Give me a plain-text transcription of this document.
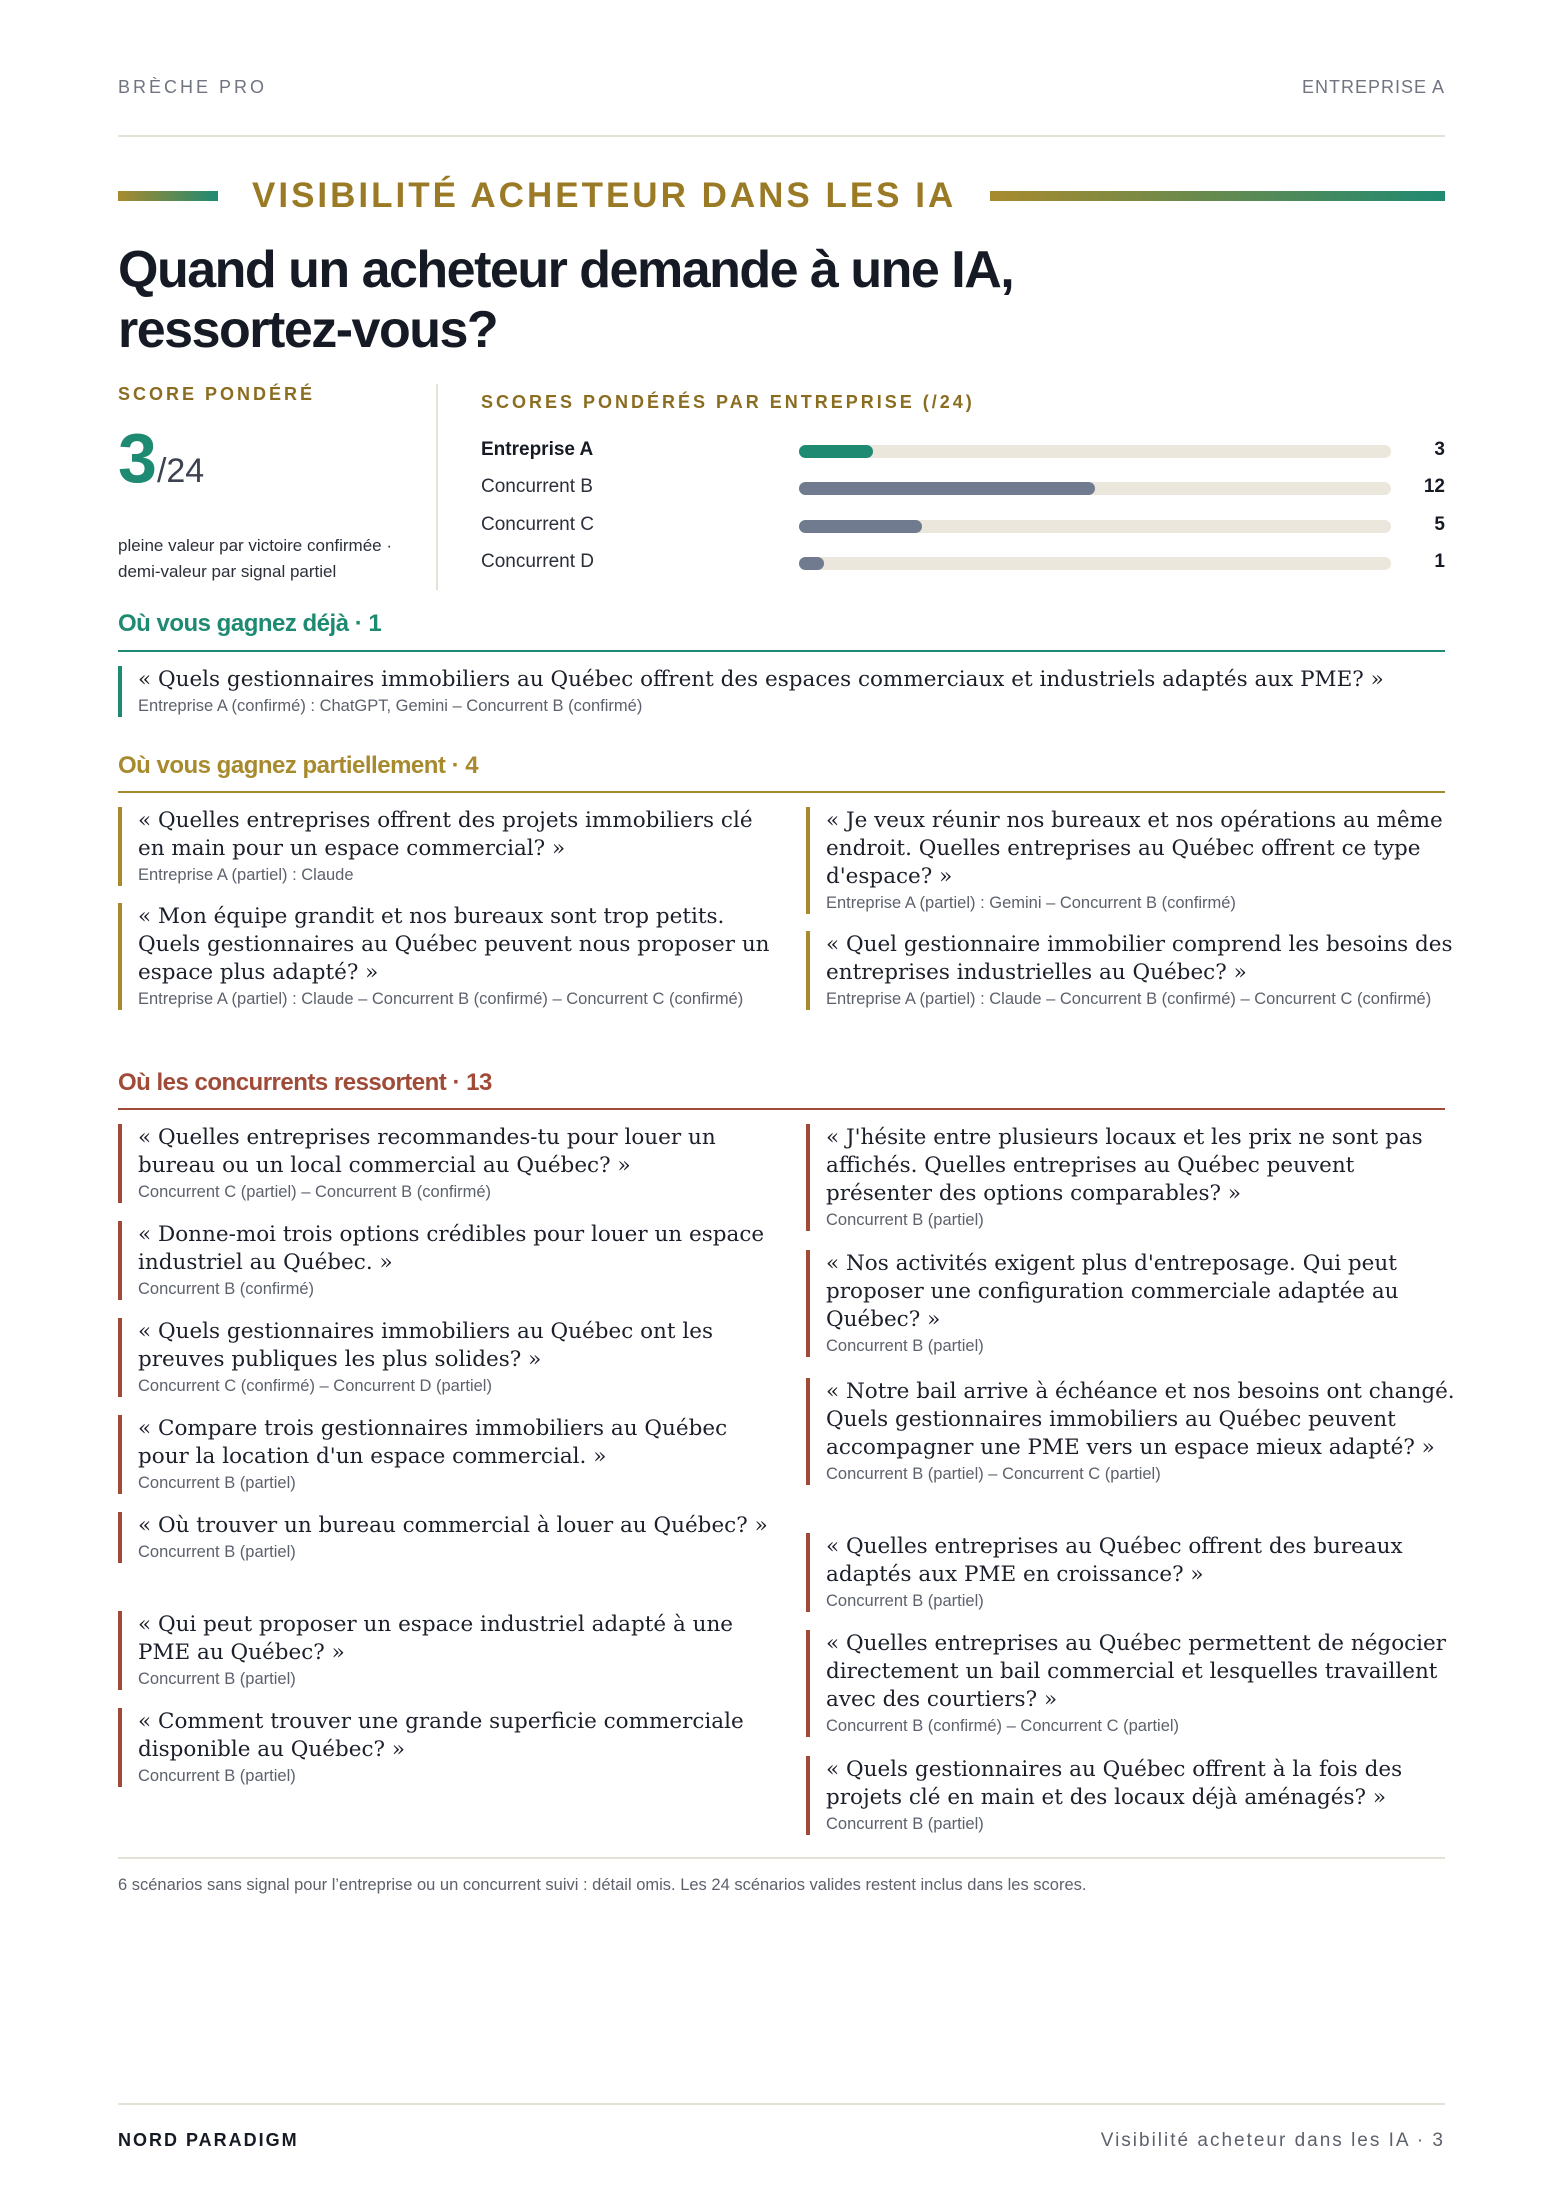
BRÈCHE PRO	ENTREPRISE A
VISIBILITÉ ACHETEUR DANS LES IA
Quand un acheteur demande à une IA,
ressortez-vous?
SCORE PONDÉRÉ
3/24
pleine valeur par victoire confirmée · demi-valeur par signal partiel
SCORES PONDÉRÉS PAR ENTREPRISE (/24)
Entreprise A	3
Concurrent B	12
Concurrent C	5
Concurrent D	1
Où vous gagnez déjà · 1
« Quels gestionnaires immobiliers au Québec offrent des espaces commerciaux et industriels adaptés aux PME? »
Entreprise A (confirmé) : ChatGPT, Gemini – Concurrent B (confirmé)
Où vous gagnez partiellement · 4
« Quelles entreprises offrent des projets immobiliers clé en main pour un espace commercial? »
Entreprise A (partiel) : Claude
« Mon équipe grandit et nos bureaux sont trop petits. Quels gestionnaires au Québec peuvent nous proposer un espace plus adapté? »
Entreprise A (partiel) : Claude – Concurrent B (confirmé) – Concurrent C (confirmé)
« Je veux réunir nos bureaux et nos opérations au même endroit. Quelles entreprises au Québec offrent ce type d'espace? »
Entreprise A (partiel) : Gemini – Concurrent B (confirmé)
« Quel gestionnaire immobilier comprend les besoins des entreprises industrielles au Québec? »
Entreprise A (partiel) : Claude – Concurrent B (confirmé) – Concurrent C (confirmé)
Où les concurrents ressortent · 13
« Quelles entreprises recommandes-tu pour louer un bureau ou un local commercial au Québec? »
Concurrent C (partiel) – Concurrent B (confirmé)
« Donne-moi trois options crédibles pour louer un espace industriel au Québec. »
Concurrent B (confirmé)
« Quels gestionnaires immobiliers au Québec ont les preuves publiques les plus solides? »
Concurrent C (confirmé) – Concurrent D (partiel)
« Compare trois gestionnaires immobiliers au Québec pour la location d'un espace commercial. »
Concurrent B (partiel)
« Où trouver un bureau commercial à louer au Québec? »
Concurrent B (partiel)
« Qui peut proposer un espace industriel adapté à une PME au Québec? »
Concurrent B (partiel)
« Comment trouver une grande superficie commerciale disponible au Québec? »
Concurrent B (partiel)
« J'hésite entre plusieurs locaux et les prix ne sont pas affichés. Quelles entreprises au Québec peuvent présenter des options comparables? »
Concurrent B (partiel)
« Nos activités exigent plus d'entreposage. Qui peut proposer une configuration commerciale adaptée au Québec? »
Concurrent B (partiel)
« Notre bail arrive à échéance et nos besoins ont changé. Quels gestionnaires immobiliers au Québec peuvent accompagner une PME vers un espace mieux adapté? »
Concurrent B (partiel) – Concurrent C (partiel)
« Quelles entreprises au Québec offrent des bureaux adaptés aux PME en croissance? »
Concurrent B (partiel)
« Quelles entreprises au Québec permettent de négocier directement un bail commercial et lesquelles travaillent avec des courtiers? »
Concurrent B (confirmé) – Concurrent C (partiel)
« Quels gestionnaires au Québec offrent à la fois des projets clé en main et des locaux déjà aménagés? »
Concurrent B (partiel)
6 scénarios sans signal pour l’entreprise ou un concurrent suivi : détail omis. Les 24 scénarios valides restent inclus dans les scores.
NORD PARADIGM	Visibilité acheteur dans les IA · 3
